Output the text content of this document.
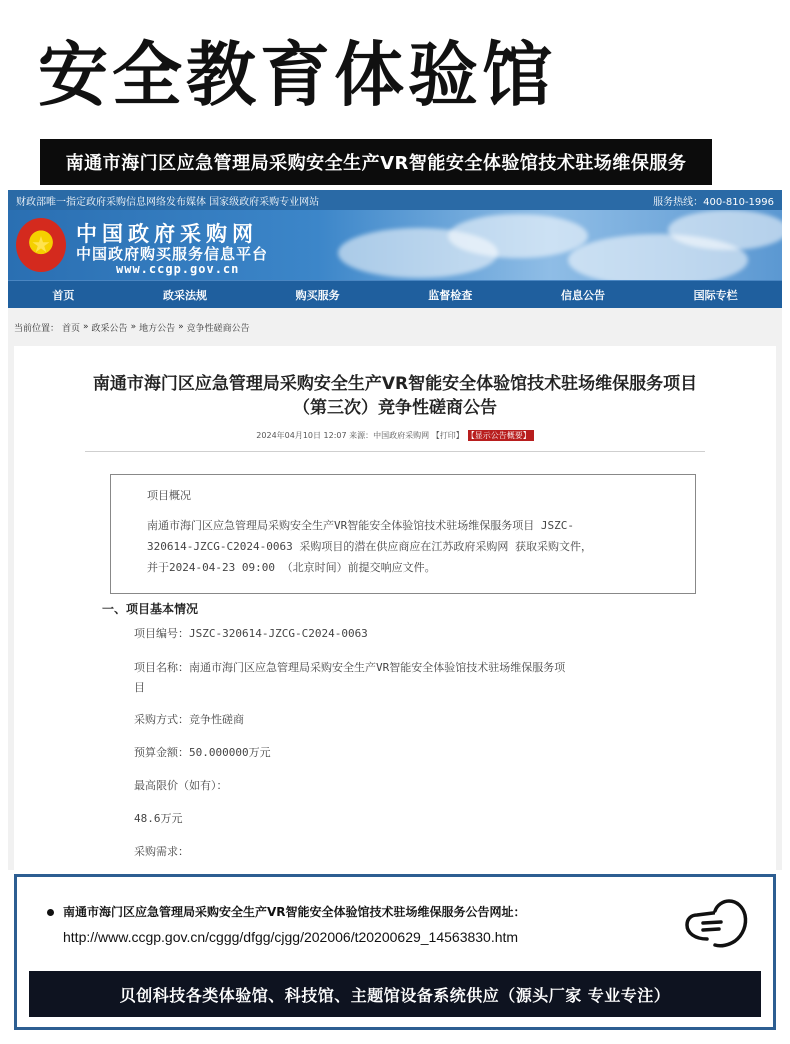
安全教育体验馆
南通市海门区应急管理局采购安全生产VR智能安全体验馆技术驻场维保服务
财政部唯一指定政府采购信息网络发布媒体 国家级政府采购专业网站	服务热线：400-810-1996
★	中国政府采购网
中国政府购买服务信息平台
www.ccgp.gov.cn
首页	政采法规	购买服务	监督检查	信息公告	国际专栏
当前位置： 首页 » 政采公告 » 地方公告 » 竞争性磋商公告
南通市海门区应急管理局采购安全生产VR智能安全体验馆技术驻场维保服务项目
（第三次）竞争性磋商公告
2024年04月10日 12:07 来源：中国政府采购网 【打印】 【显示公告概要】
项目概况
南通市海门区应急管理局采购安全生产VR智能安全体验馆技术驻场维保服务项目 JSZC-
320614-JZCG-C2024-0063 采购项目的潜在供应商应在江苏政府采购网 获取采购文件，
并于2024-04-23 09:00 （北京时间）前提交响应文件。
一、项目基本情况
项目编号：JSZC-320614-JZCG-C2024-0063
项目名称：南通市海门区应急管理局采购安全生产VR智能安全体验馆技术驻场维保服务项
目
采购方式：竞争性磋商
预算金额：50.000000万元
最高限价（如有）：
48.6万元
采购需求：
南通市海门区应急管理局采购安全生产VR智能安全体验馆技术驻场维保服务公告网址：
http://www.ccgp.gov.cn/cggg/dfgg/cjgg/202006/t20200629_14563830.htm
贝创科技各类体验馆、科技馆、主题馆设备系统供应（源头厂家 专业专注）
